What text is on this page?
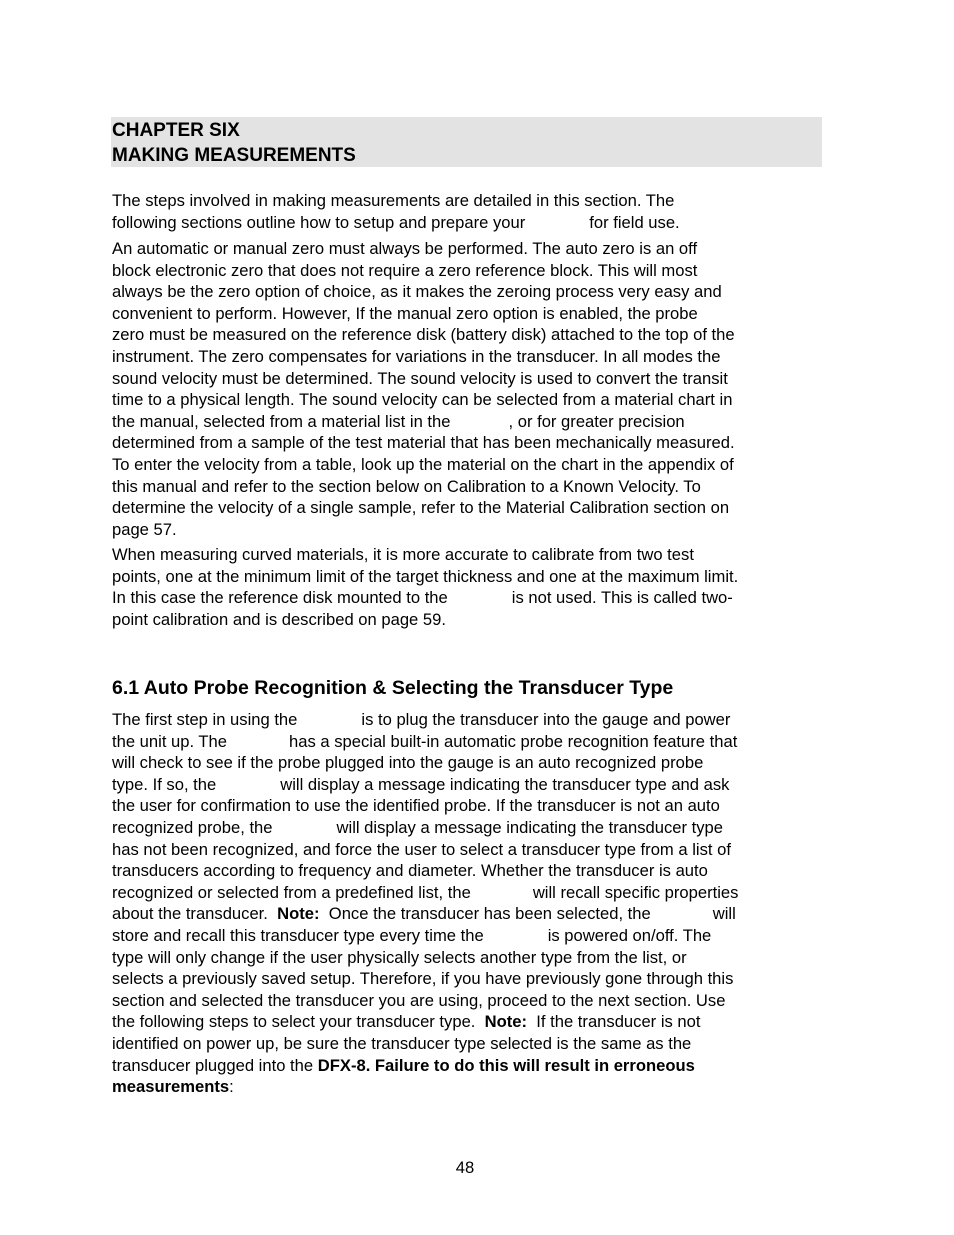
CHAPTER SIX
MAKING MEASUREMENTS

The steps involved in making measurements are detailed in this section. The
following sections outline how to setup and prepare your	for field use.

An automatic or manual zero must always be performed. The auto zero is an off
block electronic zero that does not require a zero reference block. This will most
always be the zero option of choice, as it makes the zeroing process very easy and
convenient to perform. However, If the manual zero option is enabled, the probe
zero must be measured on the reference disk (battery disk) attached to the top of the
instrument. The zero compensates for variations in the transducer. In all modes the
sound velocity must be determined. The sound velocity is used to convert the transit
time to a physical length. The sound velocity can be selected from a material chart in
the manual, selected from a material list in the	, or for greater precision
determined from a sample of the test material that has been mechanically measured.
To enter the velocity from a table, look up the material on the chart in the appendix of
this manual and refer to the section below on Calibration to a Known Velocity. To
determine the velocity of a single sample, refer to the Material Calibration section on
page 57.

When measuring curved materials, it is more accurate to calibrate from two test
points, one at the minimum limit of the target thickness and one at the maximum limit.
In this case the reference disk mounted to the	is not used. This is called two-
point calibration and is described on page 59.

6.1 Auto Probe Recognition & Selecting the Transducer Type

The first step in using the	is to plug the transducer into the gauge and power
the unit up. The	has a special built-in automatic probe recognition feature that
will check to see if the probe plugged into the gauge is an auto recognized probe
type. If so, the	will display a message indicating the transducer type and ask
the user for confirmation to use the identified probe. If the transducer is not an auto
recognized probe, the	will display a message indicating the transducer type
has not been recognized, and force the user to select a transducer type from a list of
transducers according to frequency and diameter. Whether the transducer is auto
recognized or selected from a predefined list, the	will recall specific properties
about the transducer. Note: Once the transducer has been selected, the	will
store and recall this transducer type every time the	is powered on/off. The
type will only change if the user physically selects another type from the list, or
selects a previously saved setup. Therefore, if you have previously gone through this
section and selected the transducer you are using, proceed to the next section. Use
the following steps to select your transducer type. Note: If the transducer is not
identified on power up, be sure the transducer type selected is the same as the
transducer plugged into the DFX-8. Failure to do this will result in erroneous
measurements:

48
